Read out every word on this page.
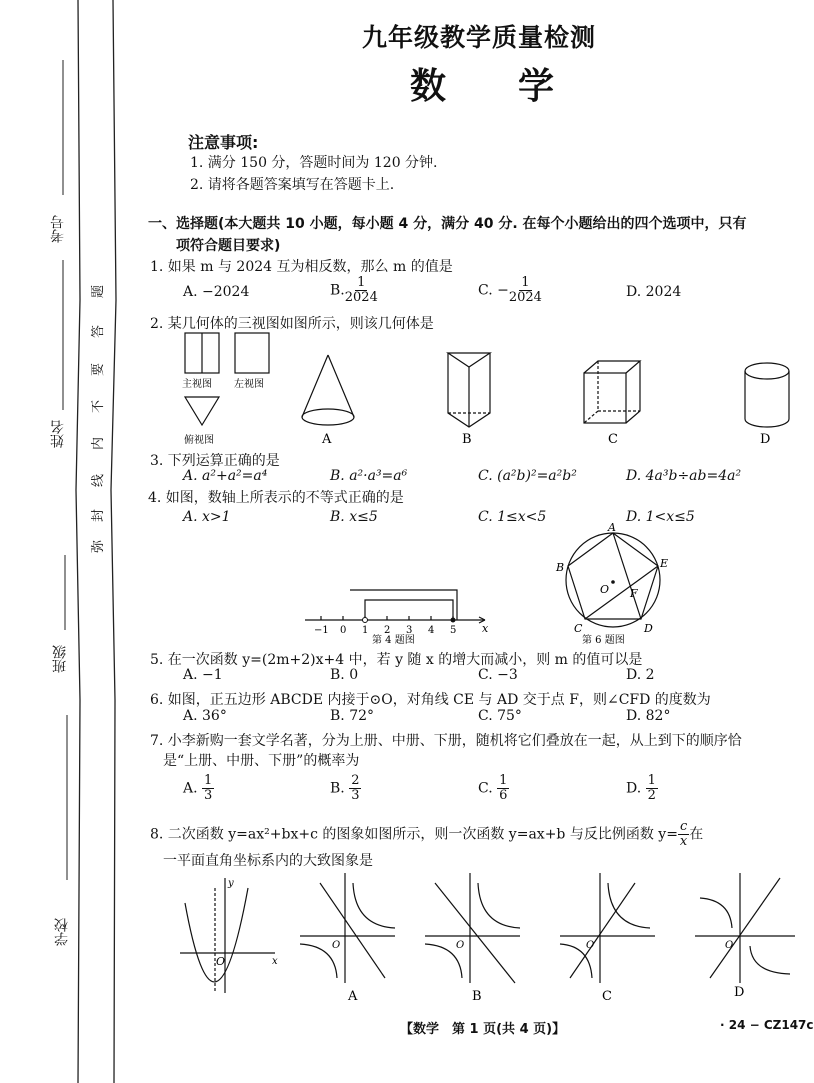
考号
姓名
班级
学校
题
答
要
不
内
线
封
弥
九年级教学质量检测
数　学
注意事项:
1. 满分 150 分，答题时间为 120 分钟.
2. 请将各题答案填写在答题卡上.
一、选择题(本大题共 10 小题，每小题 4 分，满分 40 分. 在每个小题给出的四个选项中，只有
项符合题目要求)
1. 如果 m 与 2024 互为相反数，那么 m 的值是
A. −2024	B. $\frac{1}{2024}$	C. − $\frac{1}{2024}$	D. 2024
2. 某几何体的三视图如图所示，则该几何体是
主视图 左视图
俯视图	A	B	C	D
3. 下列运算正确的是
A. a²+a²=a⁴	B. a²·a³=a⁶	C. (a²b)²=a²b²	D. 4a³b÷ab=4a²
4. 如图，数轴上所表示的不等式正确的是
A. x>1	B. x≤5	C. 1≤x<5	D. 1<x≤5
−1 0 1 2 3 4 5 x
第 4 题图
A
B
C	D
E
O F
第 6 题图
5. 在一次函数 y=(2m+2)x+4 中，若 y 随 x 的增大而减小，则 m 的值可以是
A. −1	B. 0	C. −3	D. 2
6. 如图，正五边形 ABCDE 内接于⊙O，对角线 CE 与 AD 交于点 F，则∠CFD 的度数为
A. 36°	B. 72°	C. 75°	D. 82°
7. 小李新购一套文学名著，分为上册、中册、下册，随机将它们叠放在一起，从上到下的顺序恰
是“上册、中册、下册”的概率为
A. $\frac{1}{3}$	B. $\frac{2}{3}$	C. $\frac{1}{6}$	D. $\frac{1}{2}$
8. 二次函数 y=ax²+bx+c 的图象如图所示，则一次函数 y=ax+b 与反比例函数 $y= \frac{c}{x}$ 在
一平面直角坐标系内的大致图象是
x
y
O
O
A
O
B
O
C
O
D
【数学　第 1 页(共 4 页)】	· 24 − CZ147c
